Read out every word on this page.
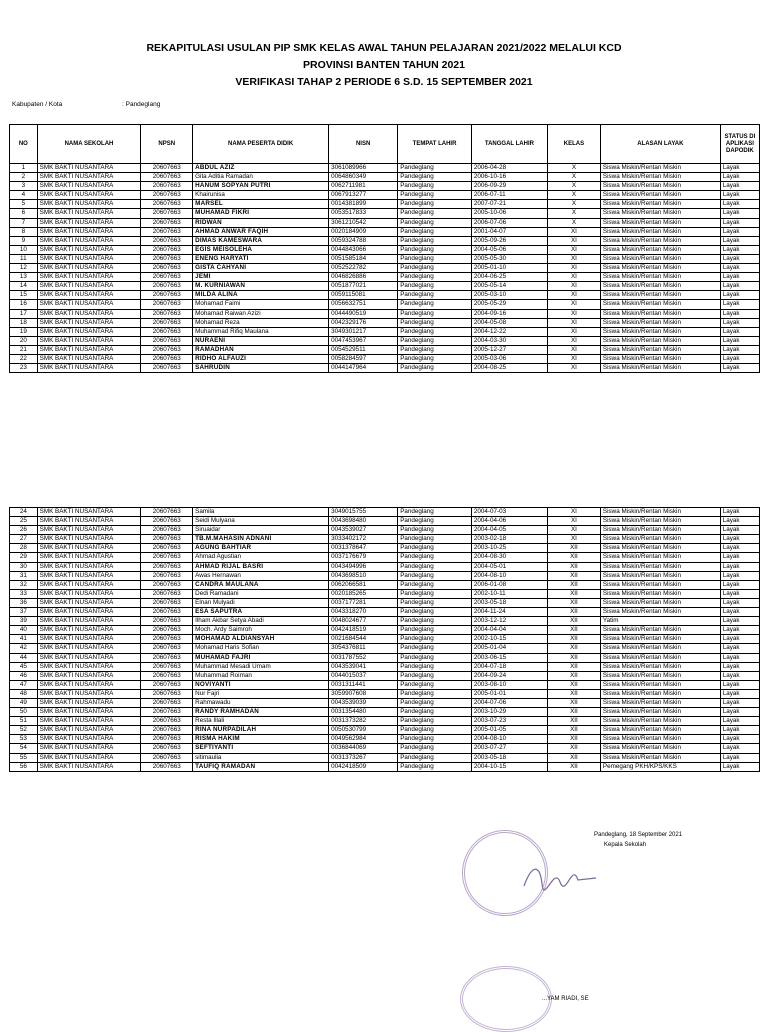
REKAPITULASI USULAN PIP SMK KELAS AWAL TAHUN PELAJARAN 2021/2022 MELALUI KCD
PROVINSI BANTEN TAHUN 2021
VERIFIKASI TAHAP 2 PERIODE 6 S.D. 15 SEPTEMBER 2021
Kabupaten / Kota	: Pandeglang
NO	NAMA SEKOLAH	NPSN	NAMA PESERTA DIDIK	NISN	TEMPAT LAHIR	TANGGAL LAHIR	KELAS	ALASAN LAYAK	STATUS DI APLIKASI DAPODIK
1	SMK BAKTI NUSANTARA	20607663	ABDUL AZIZ	3061089966	Pandeglang	2006-04-28	X	Siswa Miskin/Rentan Miskin	Layak
2	SMK BAKTI NUSANTARA	20607663	Gita Aditia Ramadan	0064860349	Pandeglang	2006-10-16	X	Siswa Miskin/Rentan Miskin	Layak
3	SMK BAKTI NUSANTARA	20607663	HANUM SOPYAN PUTRI	0062711981	Pandeglang	2006-09-29	X	Siswa Miskin/Rentan Miskin	Layak
4	SMK BAKTI NUSANTARA	20607663	Khairunisa	0067913277	Pandeglang	2006-07-11	X	Siswa Miskin/Rentan Miskin	Layak
5	SMK BAKTI NUSANTARA	20607663	MARSEL	0014381899	Pandeglang	2007-07-21	X	Siswa Miskin/Rentan Miskin	Layak
6	SMK BAKTI NUSANTARA	20607663	MUHAMAD FIKRI	0053517833	Pandeglang	2005-10-06	X	Siswa Miskin/Rentan Miskin	Layak
7	SMK BAKTI NUSANTARA	20607663	RIDWAN	3061210542	Pandeglang	2006-07-06	X	Siswa Miskin/Rentan Miskin	Layak
8	SMK BAKTI NUSANTARA	20607663	AHMAD ANWAR FAQIH	0020184909	Pandeglang	2001-04-07	XI	Siswa Miskin/Rentan Miskin	Layak
9	SMK BAKTI NUSANTARA	20607663	DIMAS KAMESWARA	0059324788	Pandeglang	2005-09-26	XI	Siswa Miskin/Rentan Miskin	Layak
10	SMK BAKTI NUSANTARA	20607663	EGIS MEISOLEHA	0044843066	Pandeglang	2004-05-06	XI	Siswa Miskin/Rentan Miskin	Layak
11	SMK BAKTI NUSANTARA	20607663	ENENG HARYATI	0051585184	Pandeglang	2005-05-30	XI	Siswa Miskin/Rentan Miskin	Layak
12	SMK BAKTI NUSANTARA	20607663	GISTA CAHYANI	0052522782	Pandeglang	2005-01-10	XI	Siswa Miskin/Rentan Miskin	Layak
13	SMK BAKTI NUSANTARA	20607663	JEMI	0046826886	Pandeglang	2004-06-25	XI	Siswa Miskin/Rentan Miskin	Layak
14	SMK BAKTI NUSANTARA	20607663	M. KURNIAWAN	0051877021	Pandeglang	2005-05-14	XI	Siswa Miskin/Rentan Miskin	Layak
15	SMK BAKTI NUSANTARA	20607663	MILDA ALINA	0059115081	Pandeglang	2005-03-10	XI	Siswa Miskin/Rentan Miskin	Layak
16	SMK BAKTI NUSANTARA	20607663	Mohamad Faimi	0056632751	Pandeglang	2005-05-29	XI	Siswa Miskin/Rentan Miskin	Layak
17	SMK BAKTI NUSANTARA	20607663	Mohamad Raiwan Azizi	0044490519	Pandeglang	2004-09-16	XI	Siswa Miskin/Rentan Miskin	Layak
18	SMK BAKTI NUSANTARA	20607663	Mohamad Reza	0042329176	Pandeglang	2004-05-08	XI	Siswa Miskin/Rentan Miskin	Layak
19	SMK BAKTI NUSANTARA	20607663	Muhammad Rifiq Maulana	3049301217	Pandeglang	2004-12-22	XI	Siswa Miskin/Rentan Miskin	Layak
20	SMK BAKTI NUSANTARA	20607663	NURAENI	0047453967	Pandeglang	2004-03-30	XI	Siswa Miskin/Rentan Miskin	Layak
21	SMK BAKTI NUSANTARA	20607663	RAMADHAN	0054529511	Pandeglang	2005-12-27	XI	Siswa Miskin/Rentan Miskin	Layak
22	SMK BAKTI NUSANTARA	20607663	RIDHO ALFAUZI	0058284597	Pandeglang	2005-03-06	XI	Siswa Miskin/Rentan Miskin	Layak
23	SMK BAKTI NUSANTARA	20607663	SAHRUDIN	0044147964	Pandeglang	2004-08-25	XI	Siswa Miskin/Rentan Miskin	Layak
24	SMK BAKTI NUSANTARA	20607663	Samila	3049015755	Pandeglang	2004-07-03	XI	Siswa Miskin/Rentan Miskin	Layak
25	SMK BAKTI NUSANTARA	20607663	Seidi Mulyana	0043698480	Pandeglang	2004-04-06	XI	Siswa Miskin/Rentan Miskin	Layak
26	SMK BAKTI NUSANTARA	20607663	Siruaidar	0043539027	Pandeglang	2004-04-05	XI	Siswa Miskin/Rentan Miskin	Layak
27	SMK BAKTI NUSANTARA	20607663	TB.M.MAHASIN ADNANI	3033402172	Pandeglang	2003-02-18	XI	Siswa Miskin/Rentan Miskin	Layak
28	SMK BAKTI NUSANTARA	20607663	AGUNG BAHTIAR	0031378647	Pandeglang	2003-10-25	XII	Siswa Miskin/Rentan Miskin	Layak
29	SMK BAKTI NUSANTARA	20607663	Ahmad Agustian	0037176679	Pandeglang	2004-08-30	XII	Siswa Miskin/Rentan Miskin	Layak
30	SMK BAKTI NUSANTARA	20607663	AHMAD RIJAL BASRI	0043494996	Pandeglang	2004-05-01	XII	Siswa Miskin/Rentan Miskin	Layak
31	SMK BAKTI NUSANTARA	20607663	Awas Hernawan	0043698510	Pandeglang	2004-08-10	XII	Siswa Miskin/Rentan Miskin	Layak
32	SMK BAKTI NUSANTARA	20607663	CANDRA MAULANA	0062066581	Pandeglang	2006-01-08	XII	Siswa Miskin/Rentan Miskin	Layak
33	SMK BAKTI NUSANTARA	20607663	Dedi Ramadani	0020185265	Pandeglang	2002-10-11	XII	Siswa Miskin/Rentan Miskin	Layak
36	SMK BAKTI NUSANTARA	20607663	Elnan Mulyadi	0037177281	Pandeglang	2003-05-18	XII	Siswa Miskin/Rentan Miskin	Layak
37	SMK BAKTI NUSANTARA	20607663	ESA SAPUTRA	0043318270	Pandeglang	2004-11-24	XII	Siswa Miskin/Rentan Miskin	Layak
39	SMK BAKTI NUSANTARA	20607663	Ilham Akbar Setya Abadi	0048024677	Pandeglang	2003-12-12	XII	Yatim	Layak
40	SMK BAKTI NUSANTARA	20607663	Moch. Ardy Saimroh	0042418519	Pandeglang	2004-04-04	XII	Siswa Miskin/Rentan Miskin	Layak
41	SMK BAKTI NUSANTARA	20607663	MOHAMAD ALDIANSYAH	0021684544	Pandeglang	2002-10-15	XII	Siswa Miskin/Rentan Miskin	Layak
42	SMK BAKTI NUSANTARA	20607663	Mohamad Haris Sofian	3054376811	Pandeglang	2005-01-04	XII	Siswa Miskin/Rentan Miskin	Layak
44	SMK BAKTI NUSANTARA	20607663	MUHAMAD FAJRI	0031787552	Pandeglang	2003-06-15	XII	Siswa Miskin/Rentan Miskin	Layak
45	SMK BAKTI NUSANTARA	20607663	Muhammad Mesadi Umam	0043539041	Pandeglang	2004-07-18	XII	Siswa Miskin/Rentan Miskin	Layak
46	SMK BAKTI NUSANTARA	20607663	Muhammad Roiman	0044015037	Pandeglang	2004-09-24	XII	Siswa Miskin/Rentan Miskin	Layak
47	SMK BAKTI NUSANTARA	20607663	NOVIYANTI	0031311441	Pandeglang	2003-08-10	XII	Siswa Miskin/Rentan Miskin	Layak
48	SMK BAKTI NUSANTARA	20607663	Nur Fajri	3059907608	Pandeglang	2005-01-01	XII	Siswa Miskin/Rentan Miskin	Layak
49	SMK BAKTI NUSANTARA	20607663	Rahmawadu	0043539039	Pandeglang	2004-07-06	XII	Siswa Miskin/Rentan Miskin	Layak
50	SMK BAKTI NUSANTARA	20607663	RANDY RAMHADAN	0031354480	Pandeglang	2003-10-29	XII	Siswa Miskin/Rentan Miskin	Layak
51	SMK BAKTI NUSANTARA	20607663	Resta Illali	0031373282	Pandeglang	2003-07-23	XII	Siswa Miskin/Rentan Miskin	Layak
52	SMK BAKTI NUSANTARA	20607663	RINA NURPADILAH	0050530799	Pandeglang	2005-01-05	XII	Siswa Miskin/Rentan Miskin	Layak
53	SMK BAKTI NUSANTARA	20607663	RISMA HAKIM	0049562984	Pandeglang	2004-08-10	XII	Siswa Miskin/Rentan Miskin	Layak
54	SMK BAKTI NUSANTARA	20607663	SEFTIYANTI	0036844069	Pandeglang	2003-07-27	XII	Siswa Miskin/Rentan Miskin	Layak
55	SMK BAKTI NUSANTARA	20607663	sitimaulia	0031373267	Pandeglang	2003-05-18	XII	Siswa Miskin/Rentan Miskin	Layak
56	SMK BAKTI NUSANTARA	20607663	TAUFIQ RAMADAN	0042418509	Pandeglang	2004-10-15	XII	Pemegang PKH/KPS/KKS	Layak
Pandeglang, 18 September 2021
Kepala Sekolah
...YAM RIADI, SE
